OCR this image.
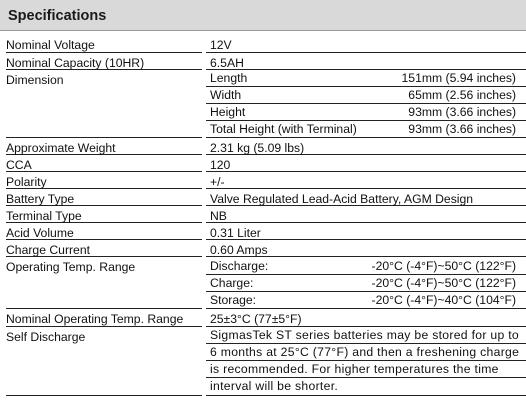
Specifications
Nominal Voltage	12V
Nominal Capacity (10HR)	6.5AH
Dimension	Length	151mm (5.94 inches)
Width	65mm (2.56 inches)
Height	93mm (3.66 inches)
Total Height (with Terminal)	93mm (3.66 inches)
Approximate Weight	2.31 kg (5.09 lbs)
CCA	120
Polarity	+/-
Battery Type	Valve Regulated Lead-Acid Battery, AGM Design
Terminal Type	NB
Acid Volume	0.31 Liter
Charge Current	0.60 Amps
Operating Temp. Range	Discharge:	-20°C (-4°F)~50°C (122°F)
Charge:	-20°C (-4°F)~50°C (122°F)
Storage:	-20°C (-4°F)~40°C (104°F)
Nominal Operating Temp. Range	25±3°C (77±5°F)
Self Discharge	SigmasTek ST series batteries may be stored for up to
6 months at 25°C (77°F) and then a freshening charge
is recommended. For higher temperatures the time
interval will be shorter.
